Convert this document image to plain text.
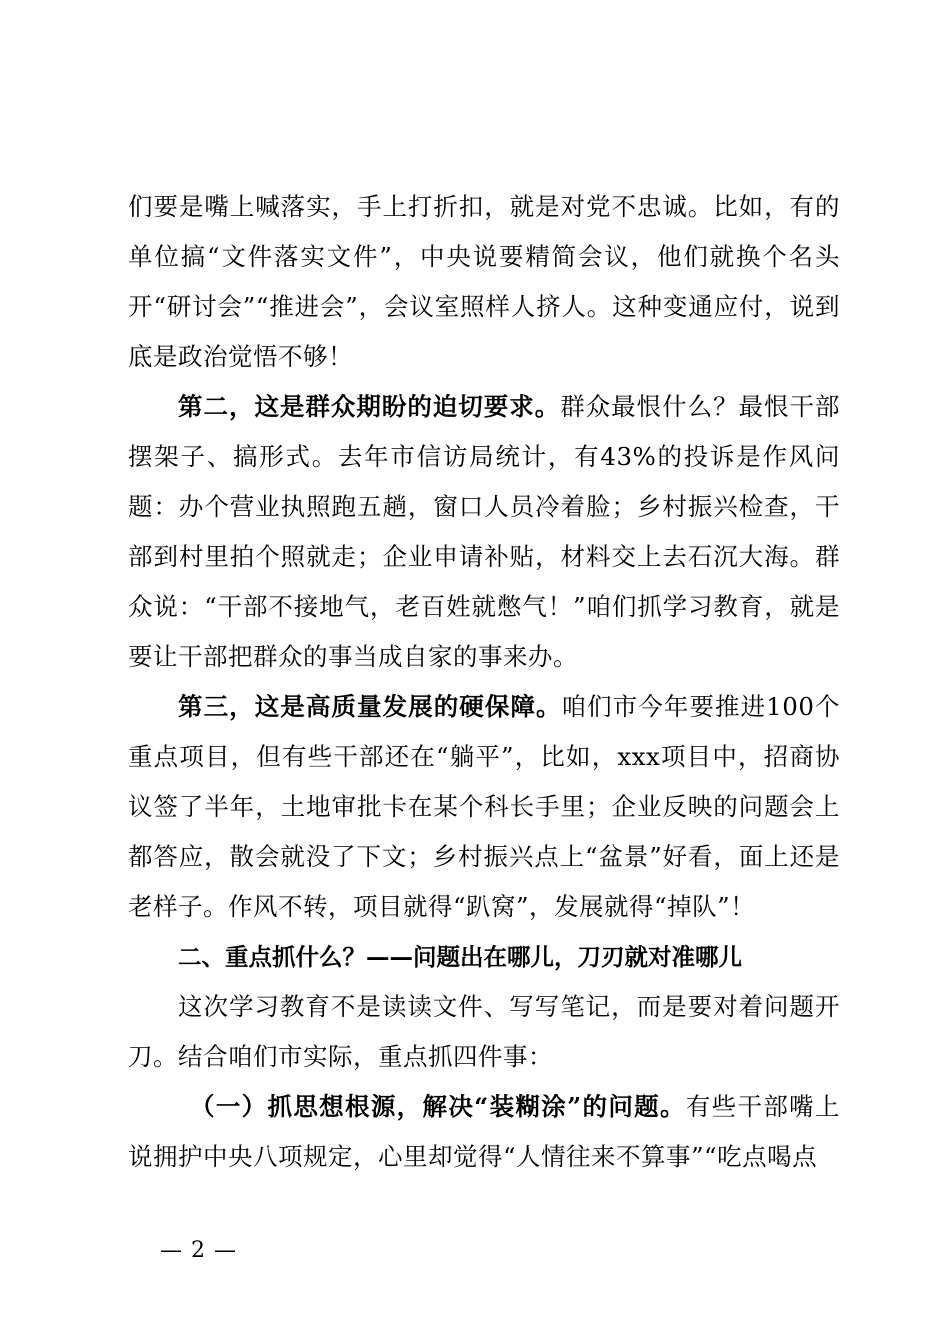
们要是嘴上喊落实，手上打折扣，就是对党不忠诚。比如，有的单位搞“文件落实文件”，中央说要精简会议，他们就换个名头开“研讨会”“推进会”，会议室照样人挤人。这种变通应付，说到底是政治觉悟不够！

第二，这是群众期盼的迫切要求。群众最恨什么？最恨干部摆架子、搞形式。去年市信访局统计，有43%的投诉是作风问题：办个营业执照跑五趟，窗口人员冷着脸；乡村振兴检查，干部到村里拍个照就走；企业申请补贴，材料交上去石沉大海。群众说：“干部不接地气，老百姓就憋气！”咱们抓学习教育，就是要让干部把群众的事当成自家的事来办。

第三，这是高质量发展的硬保障。咱们市今年要推进100个重点项目，但有些干部还在“躺平”，比如，xxx项目中，招商协议签了半年，土地审批卡在某个科长手里；企业反映的问题会上都答应，散会就没了下文；乡村振兴点上“盆景”好看，面上还是老样子。作风不转，项目就得“趴窝”，发展就得“掉队”！

二、重点抓什么？——问题出在哪儿，刀刃就对准哪儿

这次学习教育不是读读文件、写写笔记，而是要对着问题开刀。结合咱们市实际，重点抓四件事：

（一）抓思想根源，解决“装糊涂”的问题。有些干部嘴上说拥护中央八项规定，心里却觉得“人情往来不算事”“吃点喝点

— 2 —
